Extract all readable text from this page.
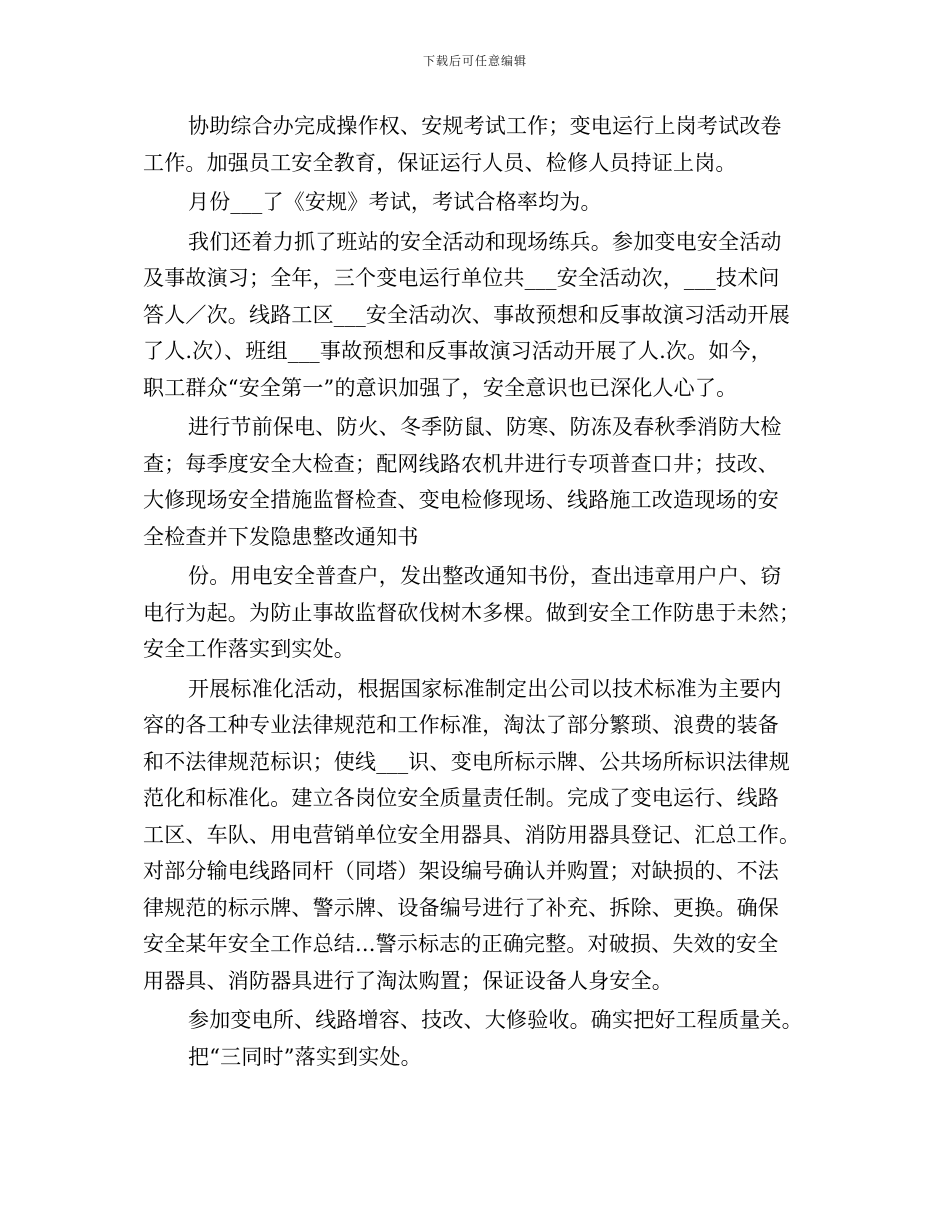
下载后可任意编辑
协助综合办完成操作权、安规考试工作；变电运行上岗考试改卷
工作。加强员工安全教育，保证运行人员、检修人员持证上岗。
月份___了《安规》考试，考试合格率均为。
我们还着力抓了班站的安全活动和现场练兵。参加变电安全活动
及事故演习；全年，三个变电运行单位共___安全活动次，___技术问
答人／次。线路工区___安全活动次、事故预想和反事故演习活动开展
了人.次）、班组___事故预想和反事故演习活动开展了人.次。如今，
职工群众“安全第一”的意识加强了，安全意识也已深化人心了。
进行节前保电、防火、冬季防鼠、防寒、防冻及春秋季消防大检
查；每季度安全大检查；配网线路农机井进行专项普查口井；技改、
大修现场安全措施监督检查、变电检修现场、线路施工改造现场的安
全检查并下发隐患整改通知书
份。用电安全普查户，发出整改通知书份，查出违章用户户、窃
电行为起。为防止事故监督砍伐树木多棵。做到安全工作防患于未然；
安全工作落实到实处。
开展标准化活动，根据国家标准制定出公司以技术标准为主要内
容的各工种专业法律规范和工作标准，淘汰了部分繁琐、浪费的装备
和不法律规范标识；使线___识、变电所标示牌、公共场所标识法律规
范化和标准化。建立各岗位安全质量责任制。完成了变电运行、线路
工区、车队、用电营销单位安全用器具、消防用器具登记、汇总工作。
对部分输电线路同杆（同塔）架设编号确认并购置；对缺损的、不法
律规范的标示牌、警示牌、设备编号进行了补充、拆除、更换。确保
安全某年安全工作总结...警示标志的正确完整。对破损、失效的安全
用器具、消防器具进行了淘汰购置；保证设备人身安全。
参加变电所、线路增容、技改、大修验收。确实把好工程质量关。
把“三同时”落实到实处。
